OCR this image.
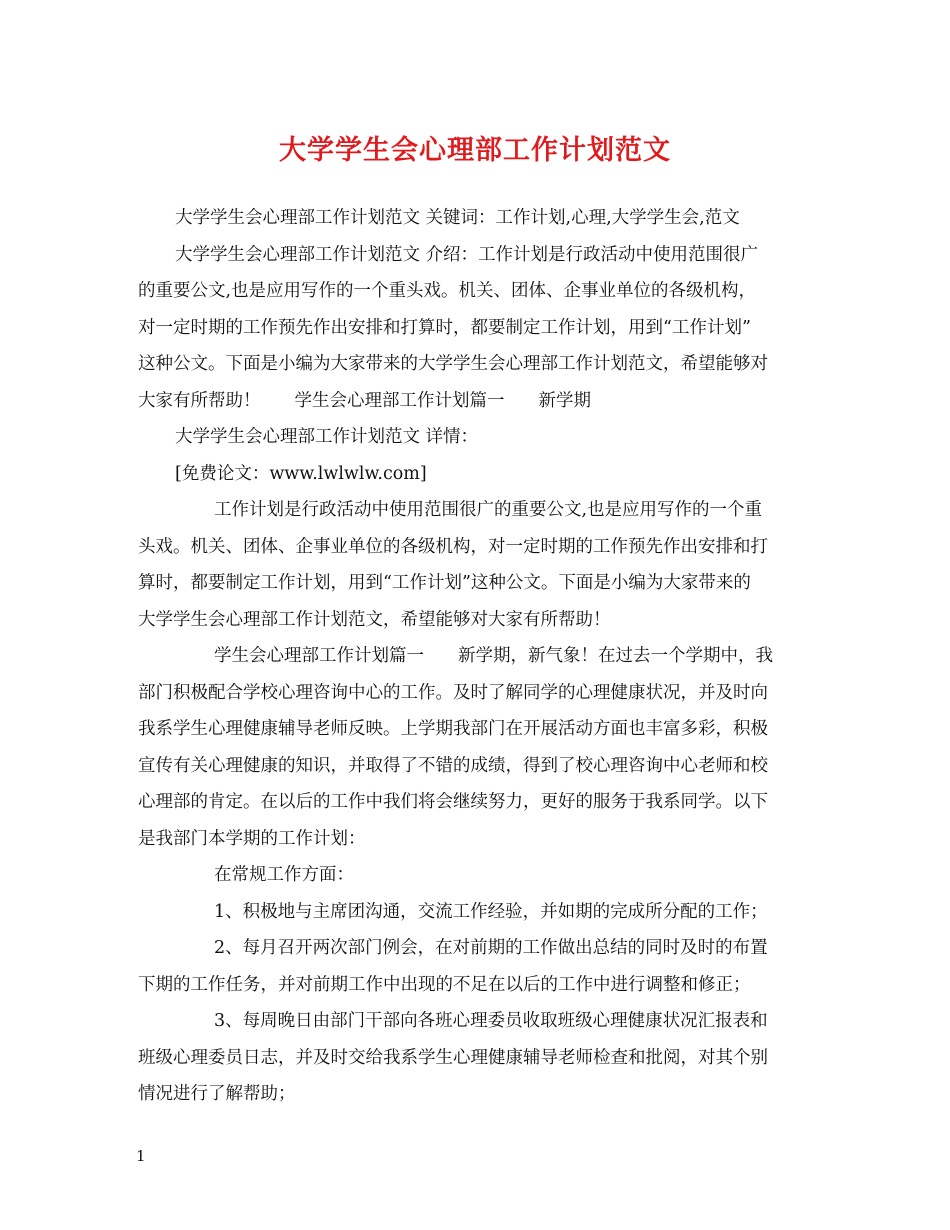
大学学生会心理部工作计划范文
大学学生会心理部工作计划范文 关键词：工作计划,心理,大学学生会,范文
大学学生会心理部工作计划范文 介绍：工作计划是行政活动中使用范围很广
的重要公文,也是应用写作的一个重头戏。机关、团体、企事业单位的各级机构，
对一定时期的工作预先作出安排和打算时，都要制定工作计划，用到“工作计划”
这种公文。下面是小编为大家带来的大学学生会心理部工作计划范文，希望能够对
大家有所帮助！ 学生会心理部工作计划篇一 新学期
大学学生会心理部工作计划范文 详情：
[免费论文：www.lwlwlw.com]
工作计划是行政活动中使用范围很广的重要公文,也是应用写作的一个重
头戏。机关、团体、企事业单位的各级机构，对一定时期的工作预先作出安排和打
算时，都要制定工作计划，用到“工作计划”这种公文。下面是小编为大家带来的
大学学生会心理部工作计划范文，希望能够对大家有所帮助！
学生会心理部工作计划篇一 新学期，新气象！在过去一个学期中，我
部门积极配合学校心理咨询中心的工作。及时了解同学的心理健康状况，并及时向
我系学生心理健康辅导老师反映。上学期我部门在开展活动方面也丰富多彩，积极
宣传有关心理健康的知识，并取得了不错的成绩，得到了校心理咨询中心老师和校
心理部的肯定。在以后的工作中我们将会继续努力，更好的服务于我系同学。以下
是我部门本学期的工作计划：
在常规工作方面：
1、积极地与主席团沟通，交流工作经验，并如期的完成所分配的工作；
2、每月召开两次部门例会，在对前期的工作做出总结的同时及时的布置
下期的工作任务，并对前期工作中出现的不足在以后的工作中进行调整和修正；
3、每周晚日由部门干部向各班心理委员收取班级心理健康状况汇报表和
班级心理委员日志，并及时交给我系学生心理健康辅导老师检查和批阅，对其个别
情况进行了解帮助；
1
